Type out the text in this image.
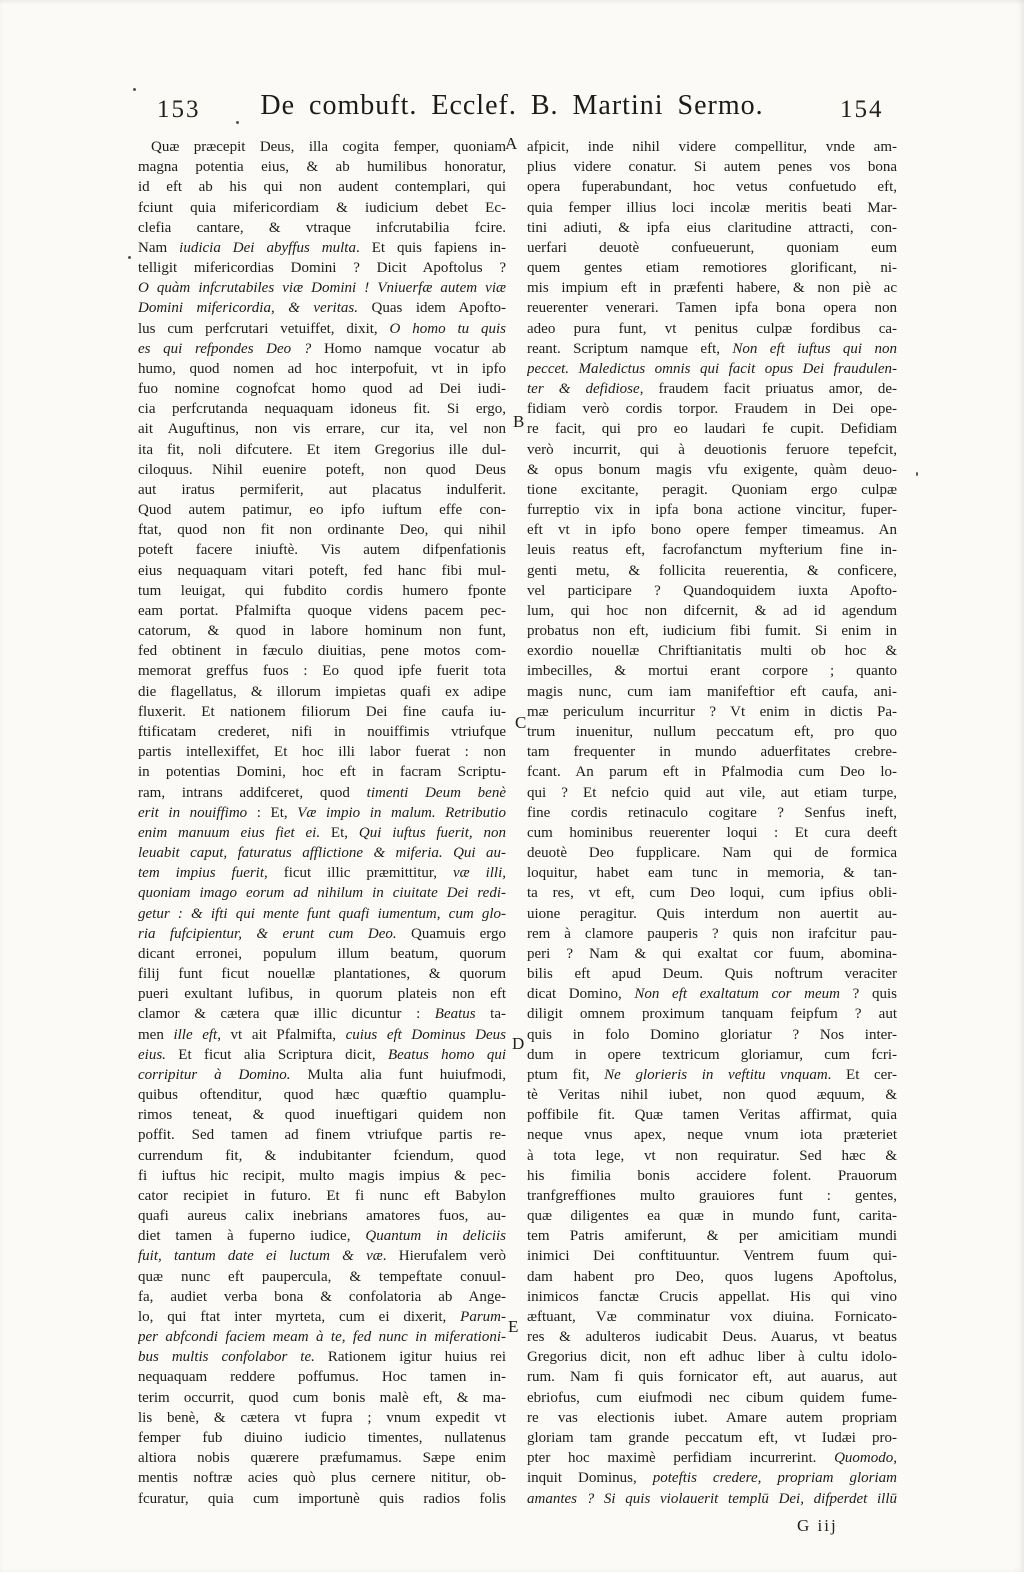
153 De combuft. Ecclef. B. Martini Sermo.	154
Quæ præcepit Deus, illa cogita femper, quoniam
magna potentia eius, & ab humilibus honoratur,
id eft ab his qui non audent contemplari, qui
fciunt quia mifericordiam & iudicium debet Ec-
clefia cantare, & vtraque infcrutabilia fcire.
Nam iudicia Dei abyffus multa. Et quis fapiens in-
telligit mifericordias Domini ? Dicit Apoftolus ?
O quàm infcrutabiles viæ Domini ! Vniuerfæ autem viæ
Domini mifericordia, & veritas. Quas idem Apofto-
lus cum perfcrutari vetuiffet, dixit, O homo tu quis
es qui refpondes Deo ? Homo namque vocatur ab
humo, quod nomen ad hoc interpofuit, vt in ipfo
fuo nomine cognofcat homo quod ad Dei iudi-
cia perfcrutanda nequaquam idoneus fit. Si ergo,
ait Auguftinus, non vis errare, cur ita, vel non
ita fit, noli difcutere. Et item Gregorius ille dul-
ciloquus. Nihil euenire poteft, non quod Deus
aut iratus permiferit, aut placatus indulferit.
Quod autem patimur, eo ipfo iuftum effe con-
ftat, quod non fit non ordinante Deo, qui nihil
poteft facere iniuftè. Vis autem difpenfationis
eius nequaquam vitari poteft, fed hanc fibi mul-
tum leuigat, qui fubdito cordis humero fponte
eam portat. Pfalmifta quoque videns pacem pec-
catorum, & quod in labore hominum non funt,
fed obtinent in fæculo diuitias, pene motos com-
memorat greffus fuos : Eo quod ipfe fuerit tota
die flagellatus, & illorum impietas quafi ex adipe
fluxerit. Et nationem filiorum Dei fine caufa iu-
ftificatam crederet, nifi in nouiffimis vtriufque
partis intellexiffet, Et hoc illi labor fuerat : non
in potentias Domini, hoc eft in facram Scriptu-
ram, intrans addifceret, quod timenti Deum benè
erit in nouiffimo : Et, Væ impio in malum. Retributio
enim manuum eius fiet ei. Et, Qui iuftus fuerit, non
leuabit caput, faturatus afflictione & miferia. Qui au-
tem impius fuerit, ficut illic præmittitur, væ illi,
quoniam imago eorum ad nihilum in ciuitate Dei redi-
getur : & ifti qui mente funt quafi iumentum, cum glo-
ria fufcipientur, & erunt cum Deo. Quamuis ergo
dicant erronei, populum illum beatum, quorum
filij funt ficut nouellæ plantationes, & quorum
pueri exultant lufibus, in quorum plateis non eft
clamor & cætera quæ illic dicuntur : Beatus ta-
men ille eft, vt ait Pfalmifta, cuius eft Dominus Deus
eius. Et ficut alia Scriptura dicit, Beatus homo qui
corripitur à Domino. Multa alia funt huiufmodi,
quibus oftenditur, quod hæc quæftio quamplu-
rimos teneat, & quod inueftigari quidem non
poffit. Sed tamen ad finem vtriufque partis re-
currendum fit, & indubitanter fciendum, quod
fi iuftus hic recipit, multo magis impius & pec-
cator recipiet in futuro. Et fi nunc eft Babylon
quafi aureus calix inebrians amatores fuos, au-
diet tamen à fuperno iudice, Quantum in deliciis
fuit, tantum date ei luctum & væ. Hierufalem verò
quæ nunc eft paupercula, & tempeftate conuul-
fa, audiet verba bona & confolatoria ab Ange-
lo, qui ftat inter myrteta, cum ei dixerit, Parum-
per abfcondi faciem meam à te, fed nunc in miferationi-
bus multis confolabor te. Rationem igitur huius rei
nequaquam reddere poffumus. Hoc tamen in-
terim occurrit, quod cum bonis malè eft, & ma-
lis benè, & cætera vt fupra ; vnum expedit vt
femper fub diuino iudicio timentes, nullatenus
altiora nobis quærere præfumamus. Sæpe enim
mentis noftræ acies quò plus cernere nititur, ob-
fcuratur, quia cum importunè quis radios folis
afpicit, inde nihil videre compellitur, vnde am-
plius videre conatur. Si autem penes vos bona
opera fuperabundant, hoc vetus confuetudo eft,
quia femper illius loci incolæ meritis beati Mar-
tini adiuti, & ipfa eius claritudine attracti, con-
uerfari deuotè confueuerunt, quoniam eum
quem gentes etiam remotiores glorificant, ni-
mis impium eft in præfenti habere, & non piè ac
reuerenter venerari. Tamen ipfa bona opera non
adeo pura funt, vt penitus culpæ fordibus ca-
reant. Scriptum namque eft, Non eft iuftus qui non
peccet. Maledictus omnis qui facit opus Dei fraudulen-
ter & defidiose, fraudem facit priuatus amor, de-
fidiam verò cordis torpor. Fraudem in Dei ope-
re facit, qui pro eo laudari fe cupit. Defidiam
verò incurrit, qui à deuotionis feruore tepefcit,
& opus bonum magis vfu exigente, quàm deuo-
tione excitante, peragit. Quoniam ergo culpæ
furreptio vix in ipfa bona actione vincitur, fuper-
eft vt in ipfo bono opere femper timeamus. An
leuis reatus eft, facrofanctum myfterium fine in-
genti metu, & follicita reuerentia, & conficere,
vel participare ? Quandoquidem iuxta Apofto-
lum, qui hoc non difcernit, & ad id agendum
probatus non eft, iudicium fibi fumit. Si enim in
exordio nouellæ Chriftianitatis multi ob hoc &
imbecilles, & mortui erant corpore ; quanto
magis nunc, cum iam manifeftior eft caufa, ani-
mæ periculum incurritur ? Vt enim in dictis Pa-
trum inuenitur, nullum peccatum eft, pro quo
tam frequenter in mundo aduerfitates crebre-
fcant. An parum eft in Pfalmodia cum Deo lo-
qui ? Et nefcio quid aut vile, aut etiam turpe,
fine cordis retinaculo cogitare ? Senfus ineft,
cum hominibus reuerenter loqui : Et cura deeft
deuotè Deo fupplicare. Nam qui de formica
loquitur, habet eam tunc in memoria, & tan-
ta res, vt eft, cum Deo loqui, cum ipfius obli-
uione peragitur. Quis interdum non auertit au-
rem à clamore pauperis ? quis non irafcitur pau-
peri ? Nam & qui exaltat cor fuum, abomina-
bilis eft apud Deum. Quis noftrum veraciter
dicat Domino, Non eft exaltatum cor meum ? quis
diligit omnem proximum tanquam feipfum ? aut
quis in folo Domino gloriatur ? Nos inter-
dum in opere textricum gloriamur, cum fcri-
ptum fit, Ne glorieris in veftitu vnquam. Et cer-
tè Veritas nihil iubet, non quod æquum, &
poffibile fit. Quæ tamen Veritas affirmat, quia
neque vnus apex, neque vnum iota præteriet
à tota lege, vt non requiratur. Sed hæc &
his fimilia bonis accidere folent. Prauorum
tranfgreffiones multo grauiores funt : gentes,
quæ diligentes ea quæ in mundo funt, carita-
tem Patris amiferunt, & per amicitiam mundi
inimici Dei conftituuntur. Ventrem fuum qui-
dam habent pro Deo, quos lugens Apoftolus,
inimicos fanctæ Crucis appellat. His qui vino
æftuant, Væ comminatur vox diuina. Fornicato-
res & adulteros iudicabit Deus. Auarus, vt beatus
Gregorius dicit, non eft adhuc liber à cultu idolo-
rum. Nam fi quis fornicator eft, aut auarus, aut
ebriofus, cum eiufmodi nec cibum quidem fume-
re vas electionis iubet. Amare autem propriam
gloriam tam grande peccatum eft, vt Iudæi pro-
pter hoc maximè perfidiam incurrerint. Quomodo,
inquit Dominus, poteftis credere, propriam gloriam
amantes ? Si quis violauerit templū Dei, difperdet illū
A
B
C
D
E
G iij
